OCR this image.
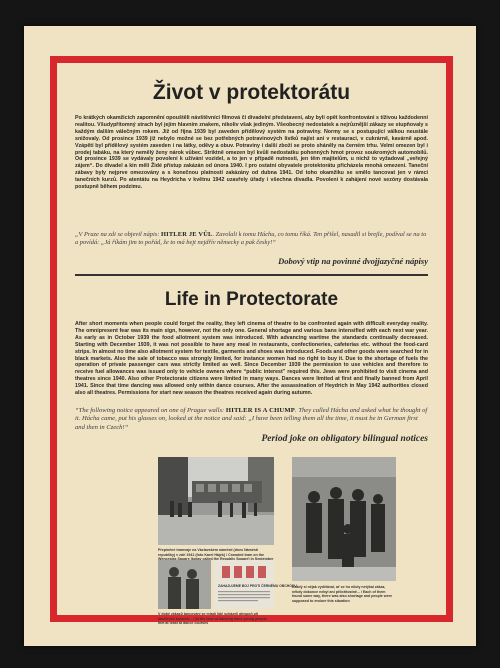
Život v protektorátu
Po krátkých okamžicích zapomnění opouštěli návštěvníci filmová či divadelní představení, aby byli opět konfrontováni s tíživou každodenní realitou. Všudypřítomný strach byl jejím hlavním znakem, nikoliv však jediným. Všeobecný nedostatek a nejrůznější zákazy se stupňovaly s každým dalším válečným rokem. Již od října 1939 byl zaveden přídělový systém na potraviny. Normy se s postupující válkou neustále snižovaly. Od prosince 1939 již nebylo možné se bez potřebných potravinových lístků najíst ani v restauraci, v cukrárně, kavárně apod. Vzápětí byl přídělový systém zaveden i na látky, oděvy a obuv. Potraviny i další zboží se proto sháněly na černém trhu. Velmi omezen byl i prodej tabáku, na který nemělý ženy nárok vůbec. Striktně omezen byl kvůli nedostatku pohonných hmot provoz soukromých automobilů. Od prosince 1939 se vydávaly povolení k užívání vozidel, a to jen v případě nutnosti, jen těm majitelům, u nichž to vyžadoval „veřejný zájem“. Do divadel a kin měli Židé přístup zakázán od února 1940. I pro ostatní obyvatele protektorátu přicházela mnohá omezení. Taneční zábavy byly nejprve omezovány a s konečnou platností zakázány od dubna 1941. Od toho okamžiku se smělo tancovat jen v rámci tanečních kurzů. Po atentátu na Heydricha v květnu 1942 uzavřely úřady i všechna divadla. Povolení k zahájení nové sezóny dostávala postupně během podzimu.
„V Praze na zdi se objevil nápis: HITLER JE VŮL. Zavolali k tomu Háchu, co tomu říká. Ten přišel, nasadil si brejle, podíval se na to a povídá: „Já říkám jim to pořád, že to má bejt nejdřív německy a pak česky!“
Dobový vtip na povinné dvojjazyčné nápisy
Life in Protectorate
After short moments when people could forget the reality, they left cinema of theatre to be confronted again with difficult everyday reality. The omnipresent fear was its main sign, however, not the only one. General shortage and various bans intensified with each next war year. As early as in October 1939 the food allotment system was introduced. With advancing wartime the standards continually decreased. Starting with December 1939, it was not possible to have any meal in restaurants, confectioneries, cafeterias etc. without the food-card strips. In almost no time also allotment system for textile, garments and shoes was introduced. Foods and other goods were searched for in black markets. Also the sale of tobacco was strongly limited, for instance women had no right to buy it. Due to the shortage of fuels the operation of private passenger cars was strictly limited as well. Since December 1939 the permission to use vehicles and therefore to receive fuel allowances was issued only to vehicle owners where “public interest” required this. Jews were prohibited to visit cinema and theatres since 1940. Also other Protectorate citizens were limited in many ways. Dances were limited at first and finally banned from April 1941. Since that time dancing was allowed only within dance courses. After the assassination of Heydrich in May 1942 authorities closed also all theatres. Permissions for start new season the theatres received again during autumn.
“The following notice appeared on one of Prague walls: HITLER IS A CHUMP. They called Hácha and asked what he thought of it. Hácha came, put his glasses on, looked at the notice and said: „I have been telling them all the time, it must be in German first and then in Czech!“
Period joke on obligatory bilingual notices
Přeplněné tramvaje na Václavském náměstí (dnes Náměstí republiky) v září 1941 (foto Karel Hájek) / Crowded tram on the
ZAHAJUJEME BOJ PROTI ČERNÉMU OBCHODU
V době zákazů tancování se mladí lidé scházeli alespoň při tanečních kurzech... / At the time of dancing bans young people met at least at dance courses
Každý si nějak vydělával, ať se ho nikdy netýkal zákaz, někdy dokonce nebyl ani příležitostně... / Each of them found some way, there was also shortage and people were supposed to endure this situation
